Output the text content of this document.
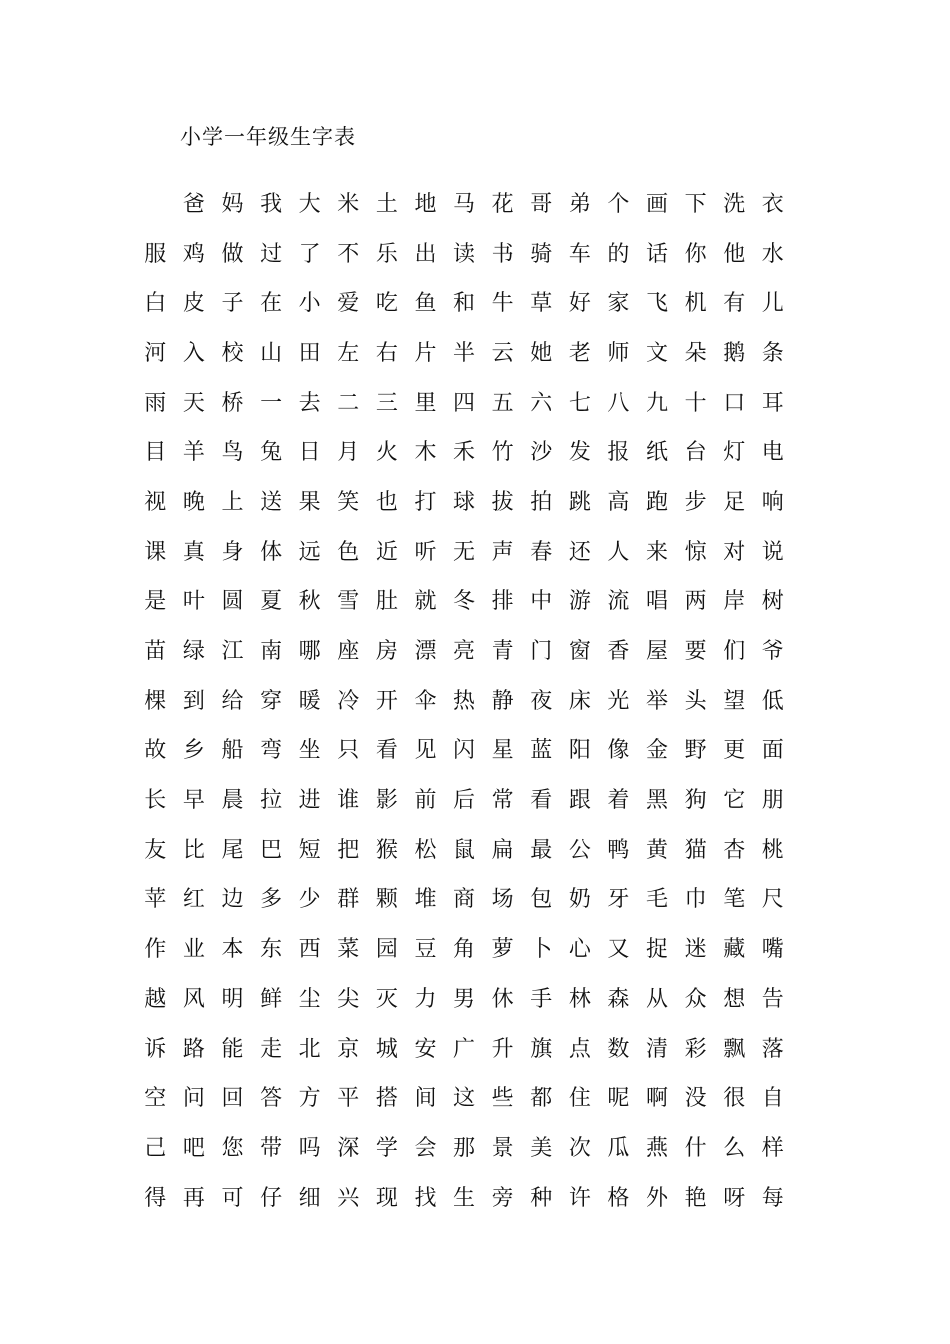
小学一年级生字表
爸 妈 我 大 米 土 地 马 花 哥 弟 个 画 下 洗 衣
服 鸡 做 过 了 不 乐 出 读 书 骑 车 的 话 你 他 水
白 皮 子 在 小 爱 吃 鱼 和 牛 草 好 家 飞 机 有 儿
河 入 校 山 田 左 右 片 半 云 她 老 师 文 朵 鹅 条
雨 天 桥 一 去 二 三 里 四 五 六 七 八 九 十 口 耳
目 羊 鸟 兔 日 月 火 木 禾 竹 沙 发 报 纸 台 灯 电
视 晚 上 送 果 笑 也 打 球 拔 拍 跳 高 跑 步 足 响
课 真 身 体 远 色 近 听 无 声 春 还 人 来 惊 对 说
是 叶 圆 夏 秋 雪 肚 就 冬 排 中 游 流 唱 两 岸 树
苗 绿 江 南 哪 座 房 漂 亮 青 门 窗 香 屋 要 们 爷
棵 到 给 穿 暖 冷 开 伞 热 静 夜 床 光 举 头 望 低
故 乡 船 弯 坐 只 看 见 闪 星 蓝 阳 像 金 野 更 面
长 早 晨 拉 进 谁 影 前 后 常 看 跟 着 黑 狗 它 朋
友 比 尾 巴 短 把 猴 松 鼠 扁 最 公 鸭 黄 猫 杏 桃
苹 红 边 多 少 群 颗 堆 商 场 包 奶 牙 毛 巾 笔 尺
作 业 本 东 西 菜 园 豆 角 萝 卜 心 又 捉 迷 藏 嘴
越 风 明 鲜 尘 尖 灭 力 男 休 手 林 森 从 众 想 告
诉 路 能 走 北 京 城 安 广 升 旗 点 数 清 彩 飘 落
空 问 回 答 方 平 搭 间 这 些 都 住 呢 啊 没 很 自
己 吧 您 带 吗 深 学 会 那 景 美 次 瓜 燕 什 么 样
得 再 可 仔 细 兴 现 找 生 旁 种 许 格 外 艳 呀 每
